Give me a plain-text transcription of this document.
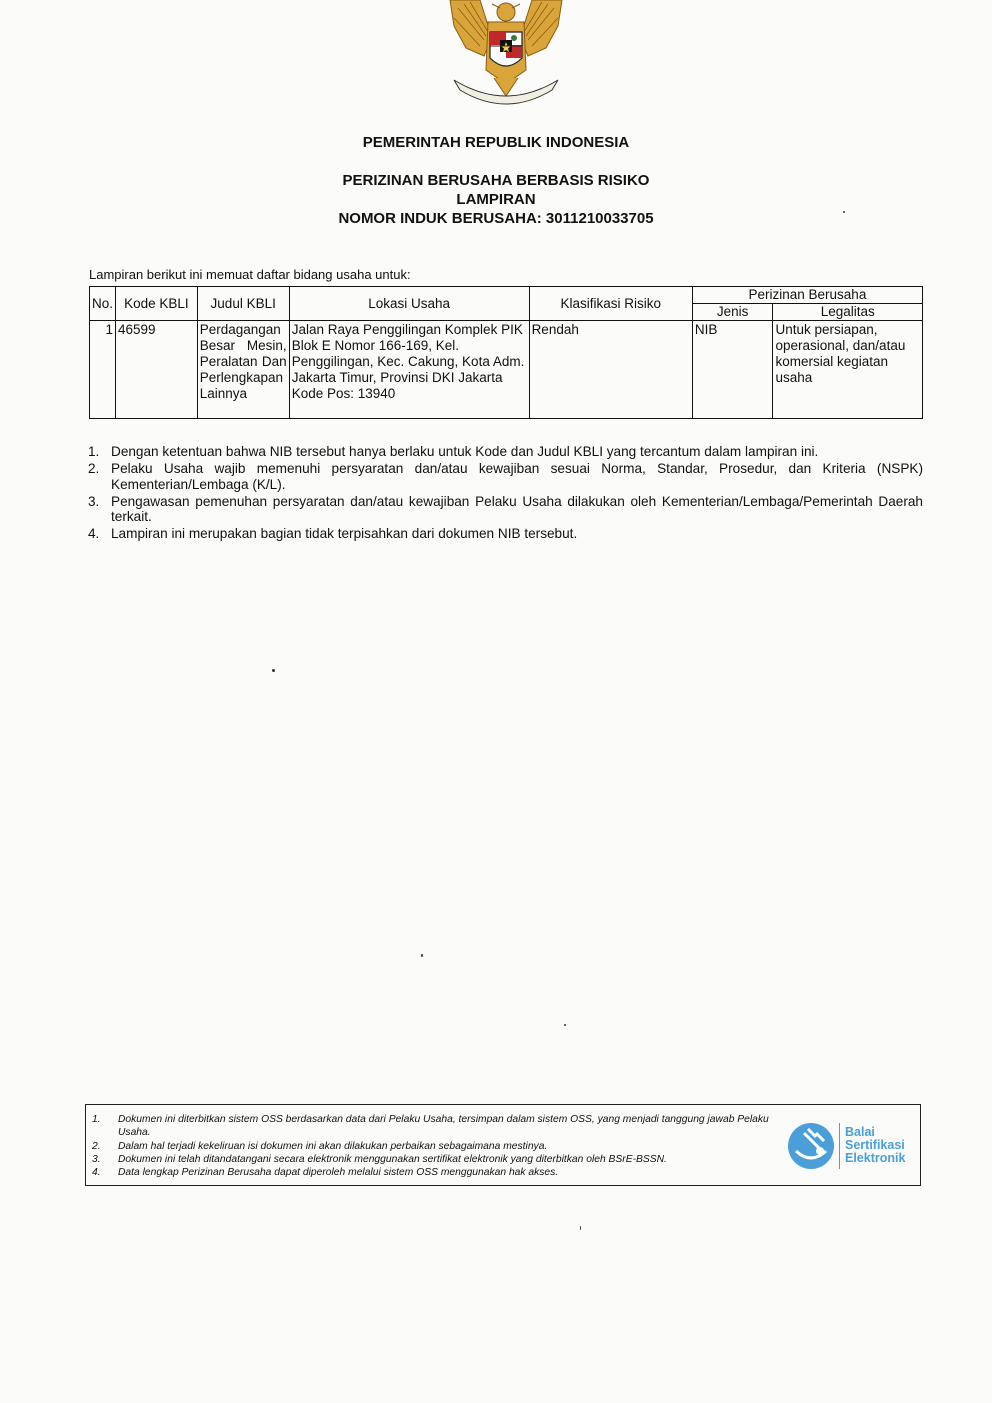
PEMERINTAH REPUBLIK INDONESIA
PERIZINAN BERUSAHA BERBASIS RISIKO
LAMPIRAN
NOMOR INDUK BERUSAHA: 3011210033705
Lampiran berikut ini memuat daftar bidang usaha untuk:
No.	Kode KBLI	Judul KBLI	Lokasi Usaha	Klasifikasi Risiko	Perizinan Berusaha	
					Jenis	Legalitas
1	46599	Perdagangan Besar Mesin, Peralatan Dan Perlengkapan Lainnya	Jalan Raya Penggilingan Komplek PIK Blok E Nomor 166-169, Kel. Penggilingan, Kec. Cakung, Kota Adm. Jakarta Timur, Provinsi DKI Jakarta
Kode Pos: 13940	Rendah	NIB	Untuk persiapan, operasional, dan/atau komersial kegiatan usaha
1. Dengan ketentuan bahwa NIB tersebut hanya berlaku untuk Kode dan Judul KBLI yang tercantum dalam lampiran ini.
2. Pelaku Usaha wajib memenuhi persyaratan dan/atau kewajiban sesuai Norma, Standar, Prosedur, dan Kriteria (NSPK) Kementerian/Lembaga (K/L).
3. Pengawasan pemenuhan persyaratan dan/atau kewajiban Pelaku Usaha dilakukan oleh Kementerian/Lembaga/Pemerintah Daerah terkait.
4. Lampiran ini merupakan bagian tidak terpisahkan dari dokumen NIB tersebut.
1. Dokumen ini diterbitkan sistem OSS berdasarkan data dari Pelaku Usaha, tersimpan dalam sistem OSS, yang menjadi tanggung jawab Pelaku Usaha.
2. Dalam hal terjadi kekeliruan isi dokumen ini akan dilakukan perbaikan sebagaimana mestinya.
3. Dokumen ini telah ditandatangani secara elektronik menggunakan sertifikat elektronik yang diterbitkan oleh BSrE-BSSN.
4. Data lengkap Perizinan Berusaha dapat diperoleh melalui sistem OSS menggunakan hak akses.
Balai
Sertifikasi
Elektronik
